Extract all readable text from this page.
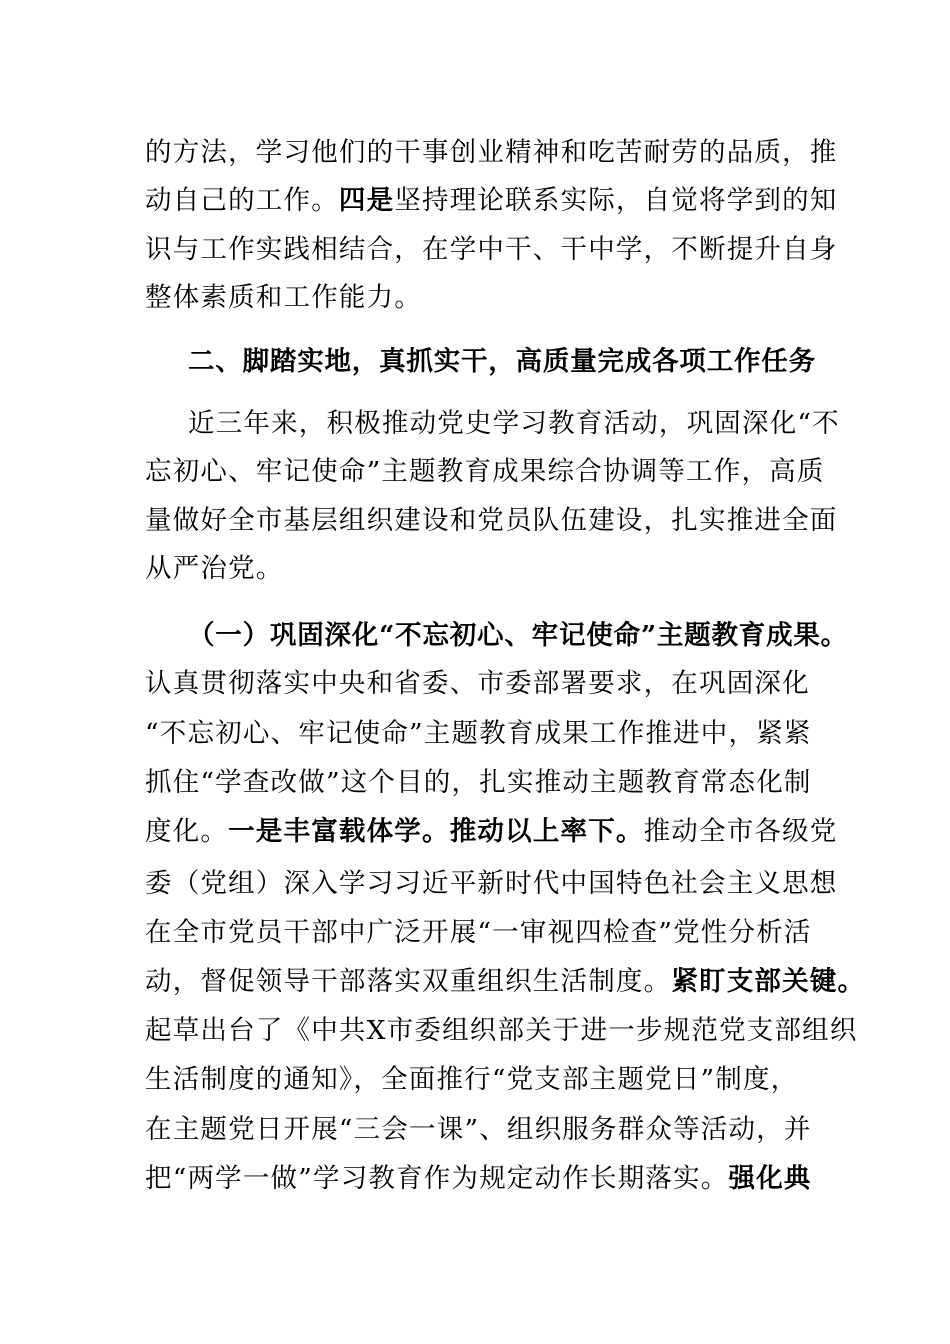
的方法，学习他们的干事创业精神和吃苦耐劳的品质，推
动自己的工作。四是坚持理论联系实际，自觉将学到的知
识与工作实践相结合，在学中干、干中学，不断提升自身
整体素质和工作能力。
二、脚踏实地，真抓实干，高质量完成各项工作任务
近三年来，积极推动党史学习教育活动，巩固深化“不
忘初心、牢记使命”主题教育成果综合协调等工作，高质
量做好全市基层组织建设和党员队伍建设，扎实推进全面
从严治党。
（一）巩固深化“不忘初心、牢记使命”主题教育成果。
认真贯彻落实中央和省委、市委部署要求，在巩固深化
“不忘初心、牢记使命”主题教育成果工作推进中，紧紧
抓住“学查改做”这个目的，扎实推动主题教育常态化制
度化。一是丰富载体学。推动以上率下。推动全市各级党
委（党组）深入学习习近平新时代中国特色社会主义思想
在全市党员干部中广泛开展“一审视四检查”党性分析活
动，督促领导干部落实双重组织生活制度。紧盯支部关键。
起草出台了《中共X市委组织部关于进一步规范党支部组织
生活制度的通知》，全面推行“党支部主题党日”制度，
在主题党日开展“三会一课”、组织服务群众等活动，并
把“两学一做”学习教育作为规定动作长期落实。强化典
